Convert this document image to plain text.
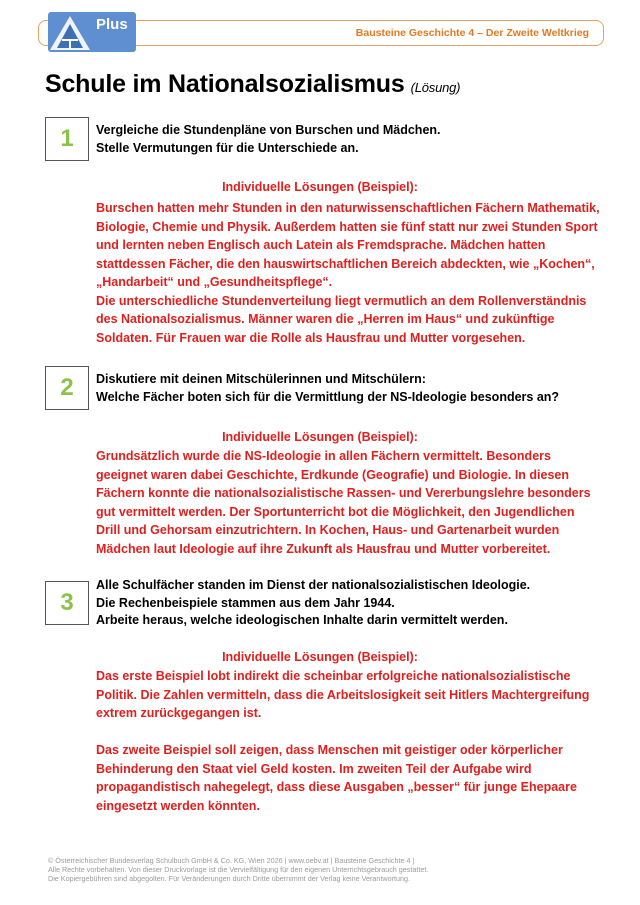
Bausteine Geschichte 4 – Der Zweite Weltkrieg
Plus
Schule im Nationalsozialismus (Lösung)
1	Vergleiche die Stundenpläne von Burschen und Mädchen.
Stelle Vermutungen für die Unterschiede an.
Individuelle Lösungen (Beispiel):
Burschen hatten mehr Stunden in den naturwissenschaftlichen Fächern Mathematik,
Biologie, Chemie und Physik. Außerdem hatten sie fünf statt nur zwei Stunden Sport
und lernten neben Englisch auch Latein als Fremdsprache. Mädchen hatten
stattdessen Fächer, die den hauswirtschaftlichen Bereich abdeckten, wie „Kochen“,
„Handarbeit“ und „Gesundheitspflege“.
Die unterschiedliche Stundenverteilung liegt vermutlich an dem Rollenverständnis
des Nationalsozialismus. Männer waren die „Herren im Haus“ und zukünftige
Soldaten. Für Frauen war die Rolle als Hausfrau und Mutter vorgesehen.
2	Diskutiere mit deinen Mitschülerinnen und Mitschülern:
Welche Fächer boten sich für die Vermittlung der NS-Ideologie besonders an?
Individuelle Lösungen (Beispiel):
Grundsätzlich wurde die NS-Ideologie in allen Fächern vermittelt. Besonders
geeignet waren dabei Geschichte, Erdkunde (Geografie) und Biologie. In diesen
Fächern konnte die nationalsozialistische Rassen- und Vererbungslehre besonders
gut vermittelt werden. Der Sportunterricht bot die Möglichkeit, den Jugendlichen
Drill und Gehorsam einzutrichtern. In Kochen, Haus- und Gartenarbeit wurden
Mädchen laut Ideologie auf ihre Zukunft als Hausfrau und Mutter vorbereitet.
3
Alle Schulfächer standen im Dienst der nationalsozialistischen Ideologie.
Die Rechenbeispiele stammen aus dem Jahr 1944.
Arbeite heraus, welche ideologischen Inhalte darin vermittelt werden.
Individuelle Lösungen (Beispiel):
Das erste Beispiel lobt indirekt die scheinbar erfolgreiche nationalsozialistische
Politik. Die Zahlen vermitteln, dass die Arbeitslosigkeit seit Hitlers Machtergreifung
extrem zurückgegangen ist.
Das zweite Beispiel soll zeigen, dass Menschen mit geistiger oder körperlicher
Behinderung den Staat viel Geld kosten. Im zweiten Teil der Aufgabe wird
propagandistisch nahegelegt, dass diese Ausgaben „besser“ für junge Ehepaare
eingesetzt werden könnten.
© Österreichischer Bundesverlag Schulbuch GmbH & Co. KG, Wien 2026 | www.oebv.at | Bausteine Geschichte 4 |
Alle Rechte vorbehalten. Von dieser Druckvorlage ist die Vervielfältigung für den eigenen Unterrichtsgebrauch gestattet.
Die Kopiergebühren sind abgegolten. Für Veränderungen durch Dritte übernimmt der Verlag keine Verantwortung.
